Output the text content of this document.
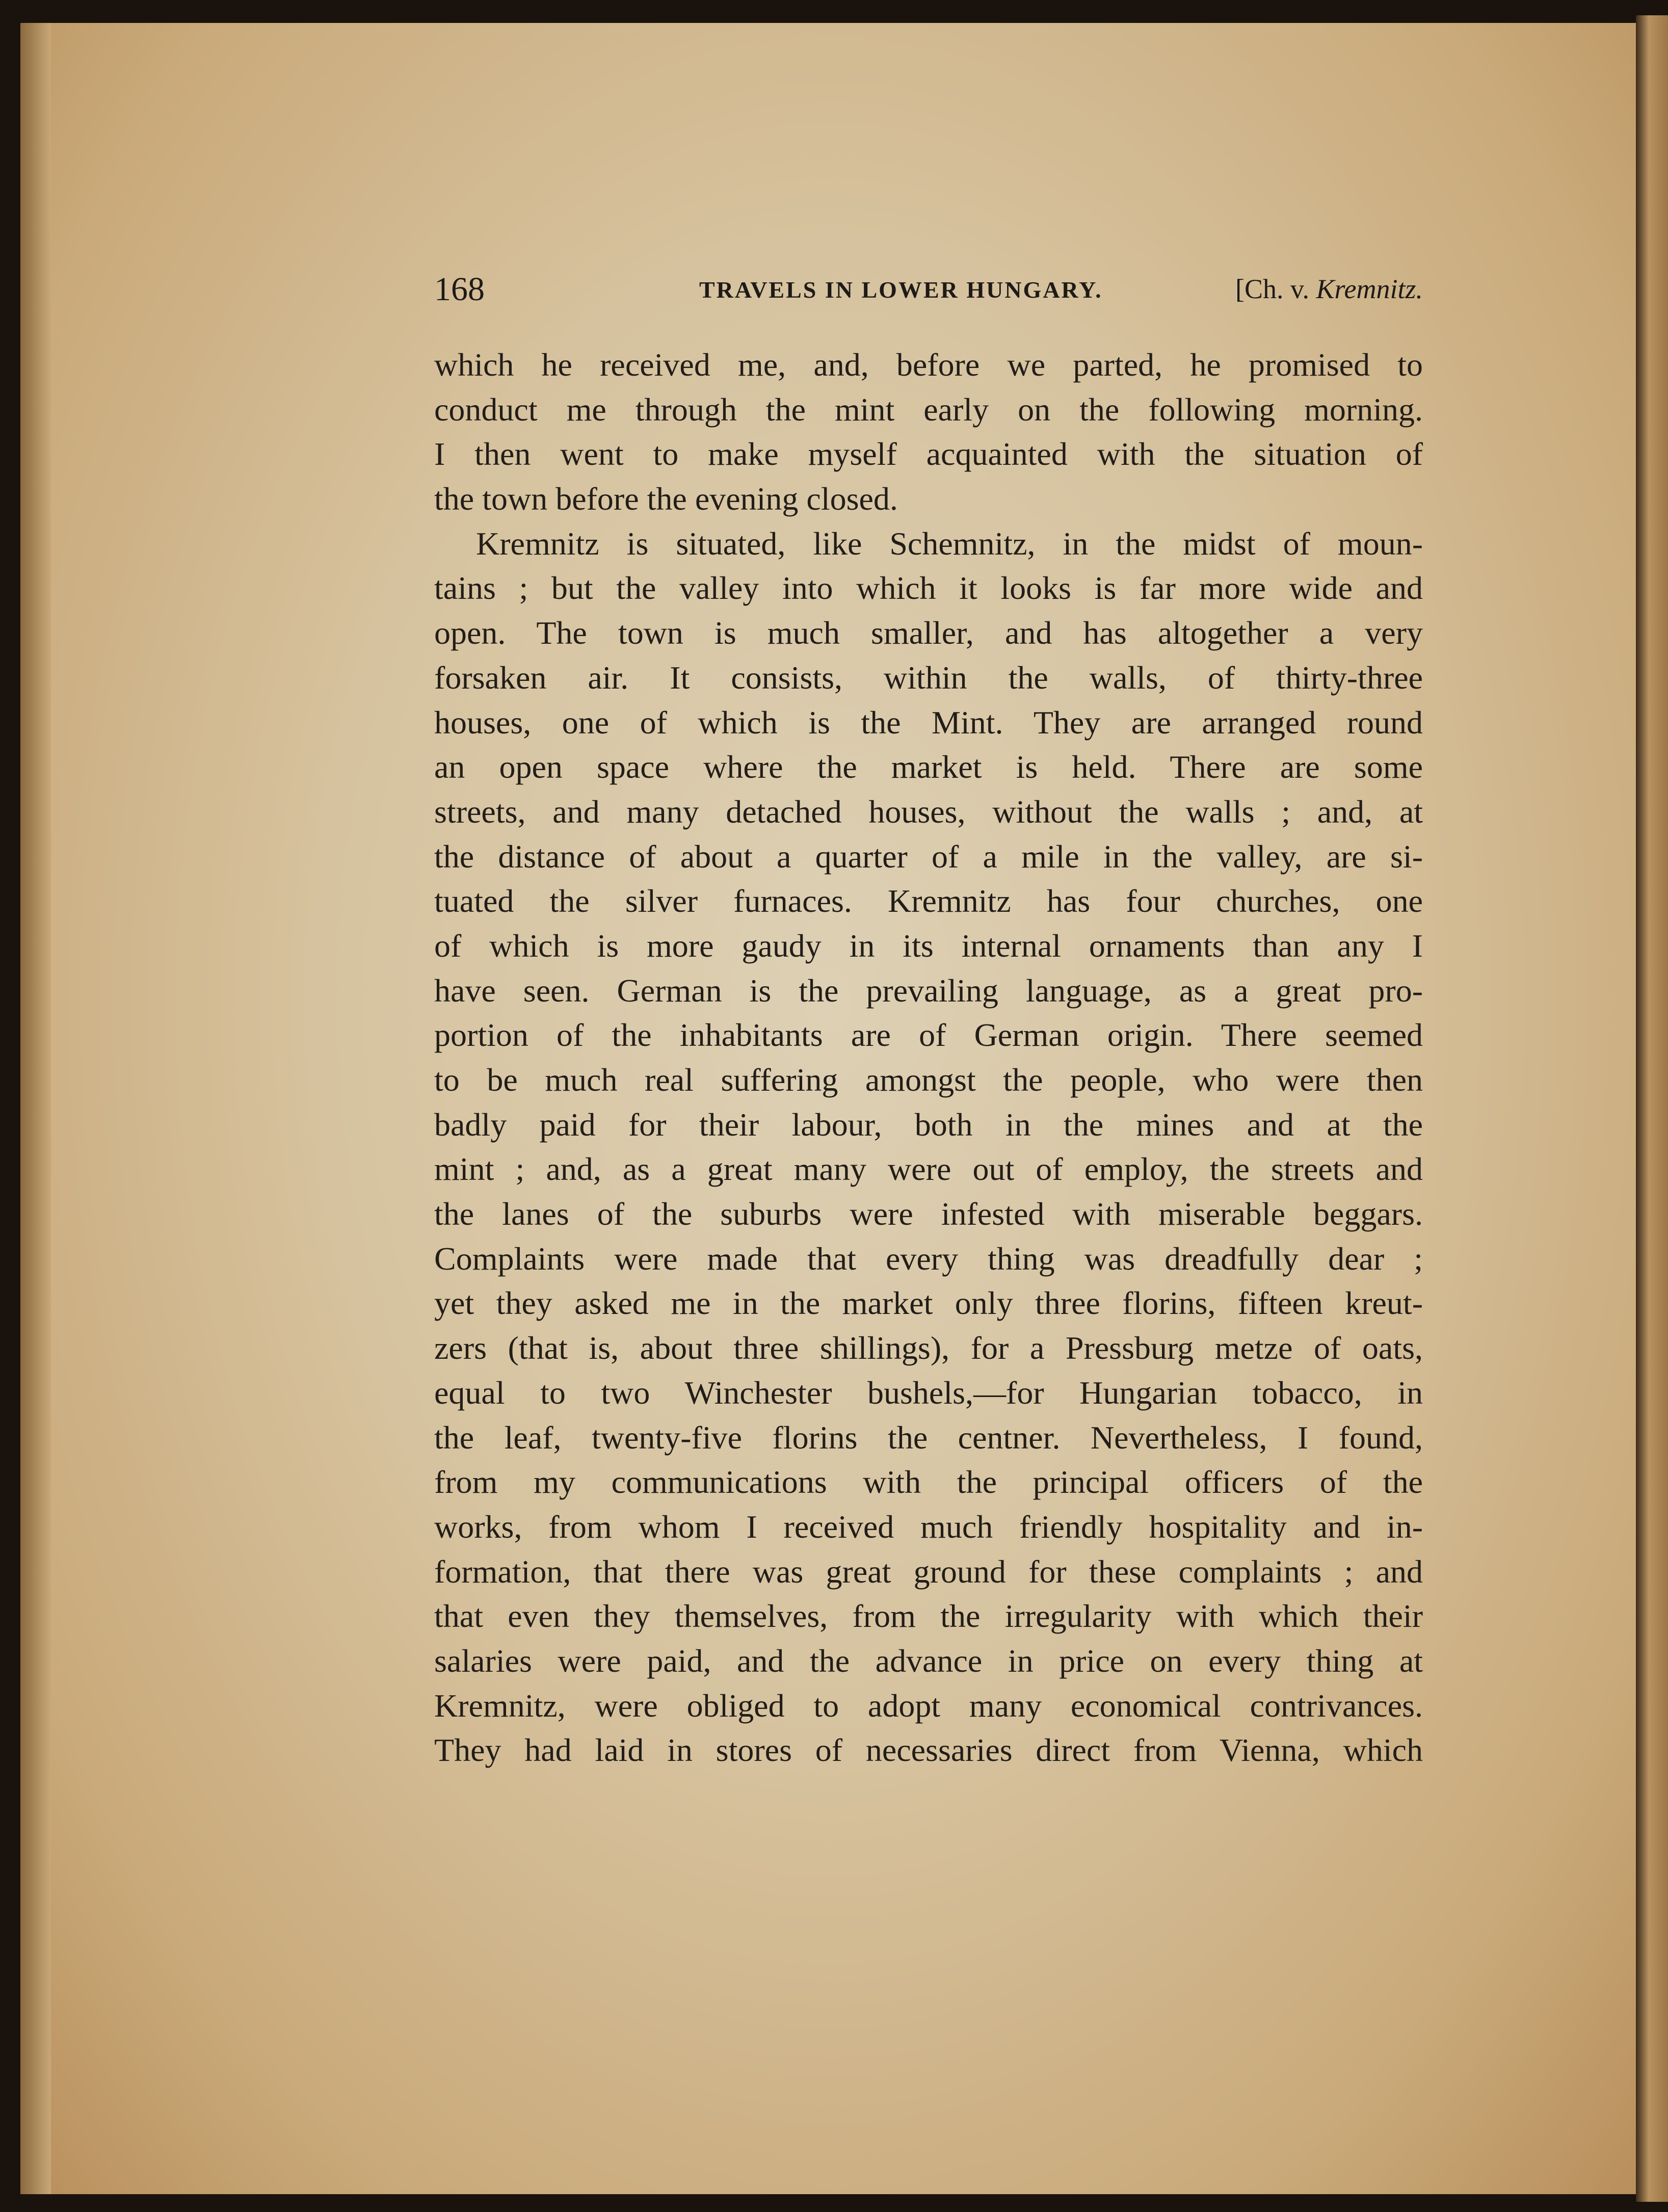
168	TRAVELS IN LOWER HUNGARY.	[Ch. v. Kremnitz.
which he received me, and, before we parted, he promised to
conduct me through the mint early on the following morning.
I then went to make myself acquainted with the situation of
the town before the evening closed.
Kremnitz is situated, like Schemnitz, in the midst of moun-
tains ; but the valley into which it looks is far more wide and
open. The town is much smaller, and has altogether a very
forsaken air. It consists, within the walls, of thirty-three
houses, one of which is the Mint. They are arranged round
an open space where the market is held. There are some
streets, and many detached houses, without the walls ; and, at
the distance of about a quarter of a mile in the valley, are si-
tuated the silver furnaces. Kremnitz has four churches, one
of which is more gaudy in its internal ornaments than any I
have seen. German is the prevailing language, as a great pro-
portion of the inhabitants are of German origin. There seemed
to be much real suffering amongst the people, who were then
badly paid for their labour, both in the mines and at the
mint ; and, as a great many were out of employ, the streets and
the lanes of the suburbs were infested with miserable beggars.
Complaints were made that every thing was dreadfully dear ;
yet they asked me in the market only three florins, fifteen kreut-
zers (that is, about three shillings), for a Pressburg metze of oats,
equal to two Winchester bushels,—for Hungarian tobacco, in
the leaf, twenty-five florins the centner. Nevertheless, I found,
from my communications with the principal officers of the
works, from whom I received much friendly hospitality and in-
formation, that there was great ground for these complaints ; and
that even they themselves, from the irregularity with which their
salaries were paid, and the advance in price on every thing at
Kremnitz, were obliged to adopt many economical contrivances.
They had laid in stores of necessaries direct from Vienna, which
